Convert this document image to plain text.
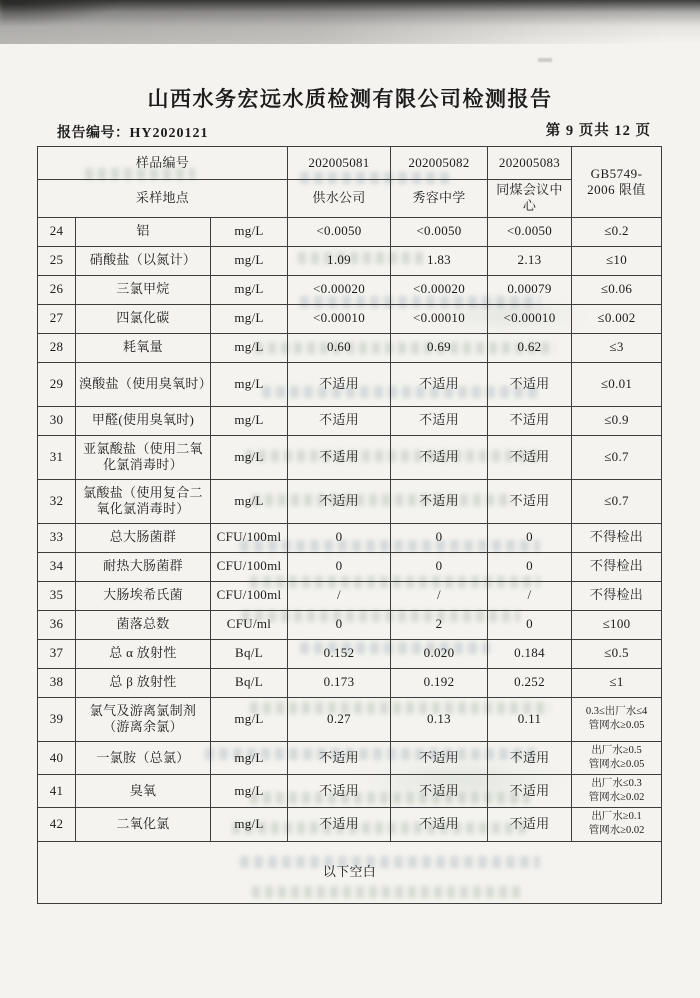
山西水务宏远水质检测有限公司检测报告
报告编号：HY2020121	第 9 页共 12 页
样品编号			202005081	202005082	202005083	GB5749-
2006 限值

采样地点			供水公司	秀容中学	同煤会议中心	
24	铝	mg/L	<0.0050	<0.0050	<0.0050	≤0.2
25	硝酸盐（以氮计）	mg/L	1.09	1.83	2.13	≤10
26	三氯甲烷	mg/L	<0.00020	<0.00020	0.00079	≤0.06
27	四氯化碳	mg/L	<0.00010	<0.00010	<0.00010	≤0.002
28	耗氧量	mg/L	0.60	0.69	0.62	≤3
29	溴酸盐（使用臭氧时）	mg/L	不适用	不适用	不适用	≤0.01
30	甲醛(使用臭氧时)	mg/L	不适用	不适用	不适用	≤0.9
31	亚氯酸盐（使用二氧化氯消毒时）	mg/L	不适用	不适用	不适用	≤0.7
32	氯酸盐（使用复合二氧化氯消毒时）	mg/L	不适用	不适用	不适用	≤0.7
33	总大肠菌群	CFU/100ml	0	0	0	不得检出
34	耐热大肠菌群	CFU/100ml	0	0	0	不得检出
35	大肠埃希氏菌	CFU/100ml	/	/	/	不得检出
36	菌落总数	CFU/ml	0	2	0	≤100
37	总 α 放射性	Bq/L	0.152	0.020	0.184	≤0.5
38	总 β 放射性	Bq/L	0.173	0.192	0.252	≤1
39	氯气及游离氯制剂（游离余氯）	mg/L	0.27	0.13	0.11	0.3≤出厂水≤4
管网水≥0.05

40	一氯胺（总氯）	mg/L	不适用	不适用	不适用	出厂水≥0.5
管网水≥0.05

41	臭氧	mg/L	不适用	不适用	不适用	出厂水≤0.3
管网水≥0.02

42	二氧化氯	mg/L	不适用	不适用	不适用	出厂水≥0.1
管网水≥0.02

以下空白						
